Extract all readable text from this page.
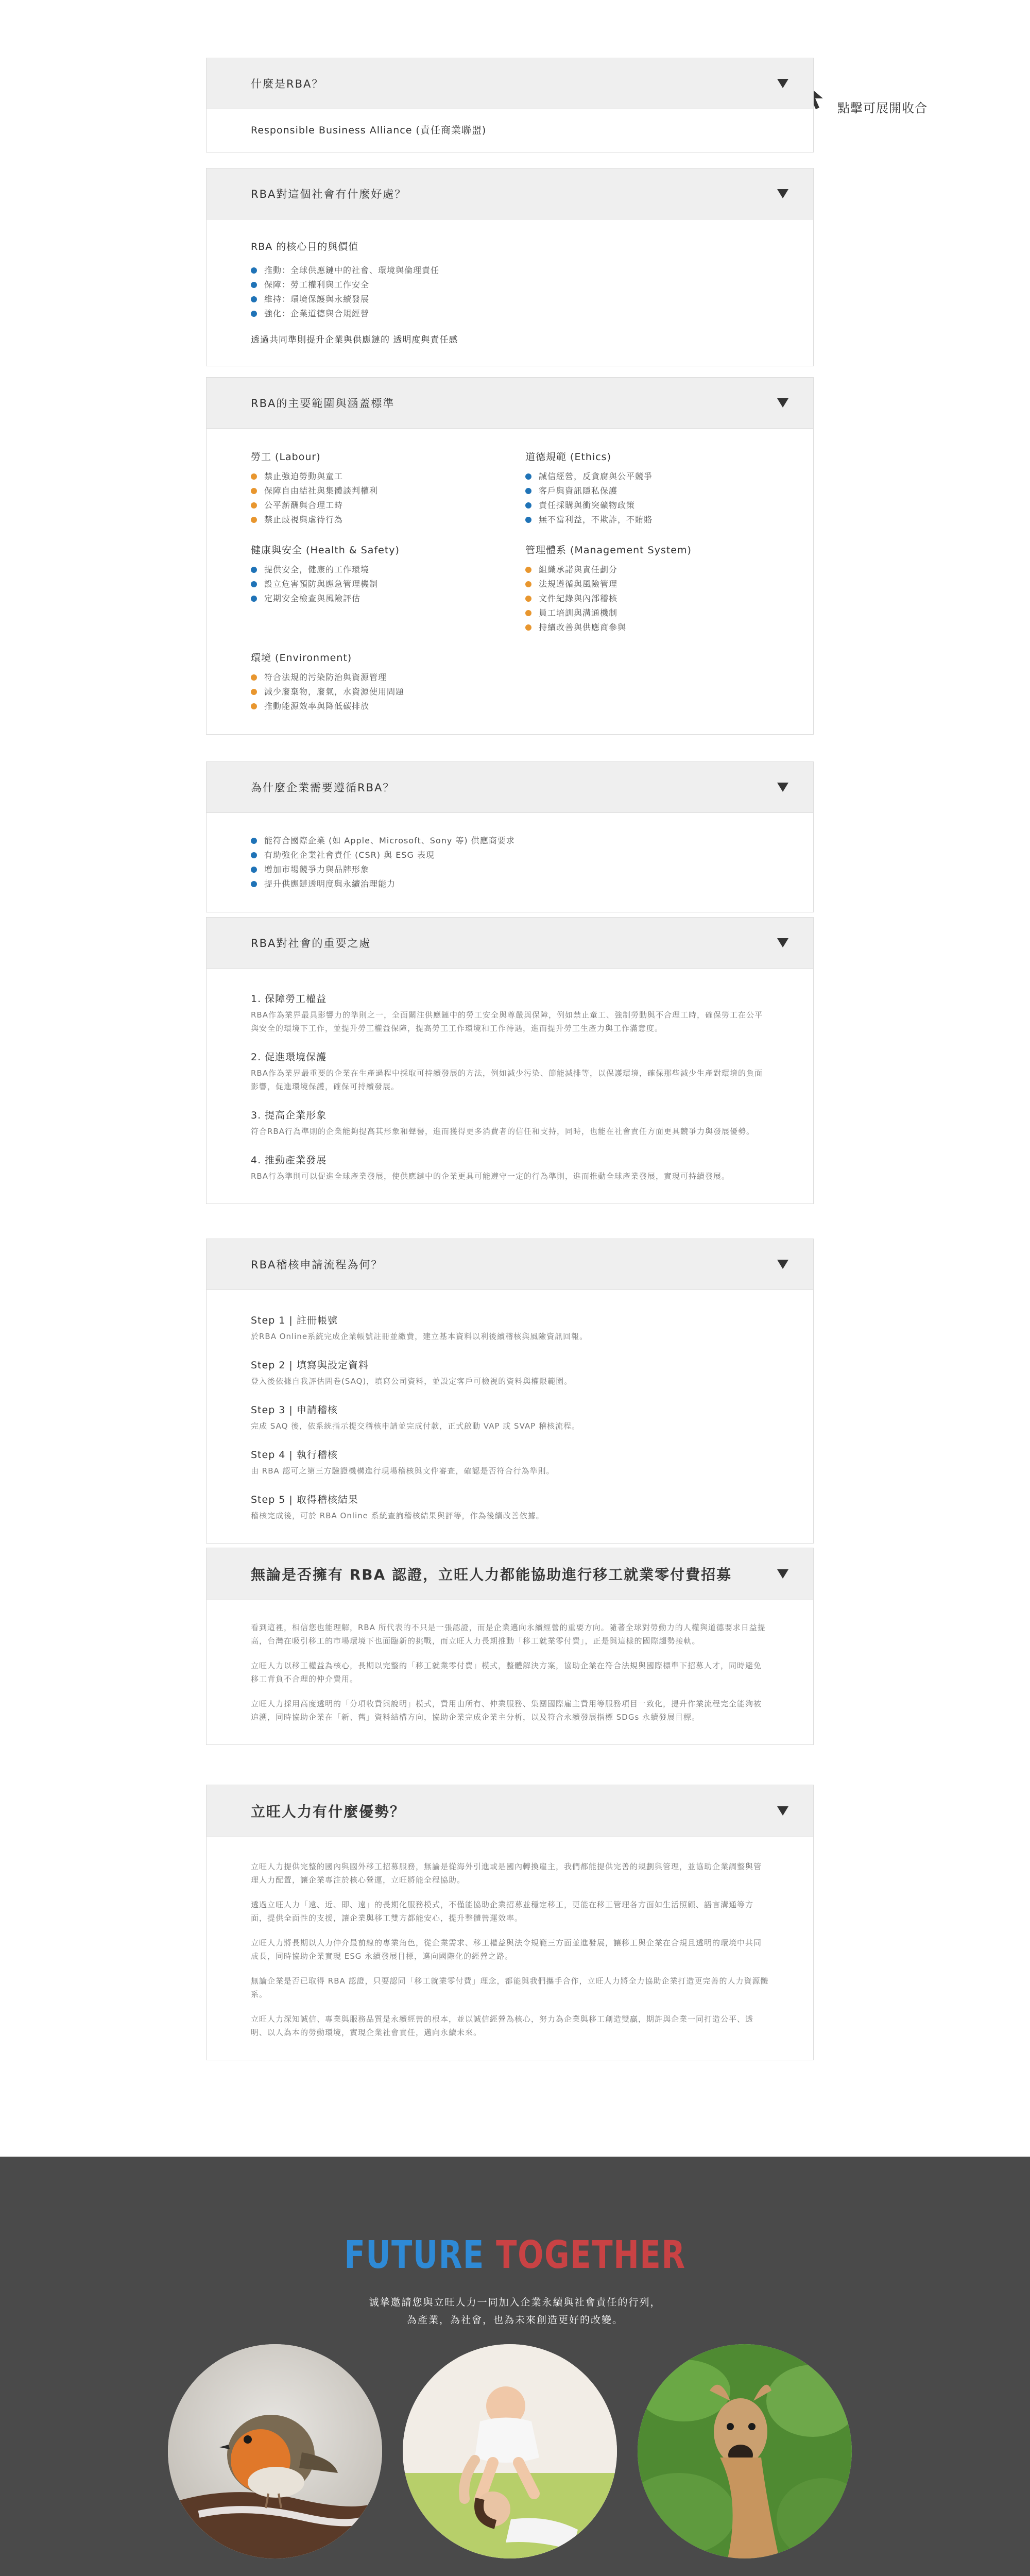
點擊可展開收合
什麼是RBA？
Responsible Business Alliance (責任商業聯盟)
RBA對這個社會有什麼好處？
RBA 的核心目的與價值
推動：全球供應鏈中的社會、環境與倫理責任
保障：勞工權利與工作安全
維持：環境保護與永續發展
強化：企業道德與合規經營
透過共同準則提升企業與供應鏈的 透明度與責任感
RBA的主要範圍與涵蓋標準
勞工 (Labour)
禁止強迫勞動與童工
保障自由結社與集體談判權利
公平薪酬與合理工時
禁止歧視與虐待行為
道德規範 (Ethics)
誠信經營，反貪腐與公平競爭
客戶與資訊隱私保護
責任採購與衝突礦物政策
無不當利益，不欺詐，不賄賂
健康與安全 (Health & Safety)
提供安全，健康的工作環境
設立危害預防與應急管理機制
定期安全檢查與風險評估
管理體系 (Management System)
組織承諾與責任劃分
法規遵循與風險管理
文件紀錄與內部稽核
員工培訓與溝通機制
持續改善與供應商參與
環境 (Environment)
符合法規的污染防治與資源管理
減少廢棄物，廢氣，水資源使用問題
推動能源效率與降低碳排放
為什麼企業需要遵循RBA？
能符合國際企業 (如 Apple、Microsoft、Sony 等) 供應商要求
有助強化企業社會責任 (CSR) 與 ESG 表現
增加市場競爭力與品牌形象
提升供應鏈透明度與永續治理能力
RBA對社會的重要之處
1. 保障勞工權益
RBA作為業界最具影響力的準則之一，全面關注供應鏈中的勞工安全與尊嚴與保障，例如禁止童工、強制勞動與不合理工時，確保勞工在公平與安全的環境下工作，並提升勞工權益保障，提高勞工工作環境和工作待遇，進而提升勞工生產力與工作滿意度。
2. 促進環境保護
RBA作為業界最重要的企業在生產過程中採取可持續發展的方法，例如減少污染、節能減排等，以保護環境，確保那些減少生產對環境的負面影響，促進環境保護，確保可持續發展。
3. 提高企業形象
符合RBA行為準則的企業能夠提高其形象和聲譽，進而獲得更多消費者的信任和支持，同時，也能在社會責任方面更具競爭力與發展優勢。
4. 推動產業發展
RBA行為準則可以促進全球產業發展，使供應鏈中的企業更具可能遵守一定的行為準則，進而推動全球產業發展，實現可持續發展。
RBA稽核申請流程為何？
Step 1 | 註冊帳號
於RBA Online系統完成企業帳號註冊並繳費，建立基本資料以利後續稽核與風險資訊回報。
Step 2 | 填寫與設定資料
登入後依據自我評估問卷(SAQ)，填寫公司資料，並設定客戶可檢視的資料與權限範圍。
Step 3 | 申請稽核
完成 SAQ 後，依系統指示提交稽核申請並完成付款，正式啟動 VAP 或 SVAP 稽核流程。
Step 4 | 執行稽核
由 RBA 認可之第三方驗證機構進行現場稽核與文件審查，確認是否符合行為準則。
Step 5 | 取得稽核結果
稽核完成後，可於 RBA Online 系統查詢稽核結果與評等，作為後續改善依據。
無論是否擁有 RBA 認證，立旺人力都能協助進行移工就業零付費招募

看到這裡，相信您也能理解，RBA 所代表的不只是一張認證，而是企業邁向永續經營的重要方向。隨著全球對勞動力的人權與道德要求日益提高，台灣在吸引移工的市場環境下也面臨新的挑戰，而立旺人力長期推動「移工就業零付費」，正是與這樣的國際趨勢接軌。

立旺人力以移工權益為核心，長期以完整的「移工就業零付費」模式，整體解決方案，協助企業在符合法規與國際標準下招募人才，同時避免移工背負不合理的仲介費用。

立旺人力採用高度透明的「分項收費與說明」模式，費用由所有、仲業服務、集團國際雇主費用等服務項目一致化，提升作業流程完全能夠被追溯，同時協助企業在「新、舊」資料結構方向，協助企業完成企業主分析，以及符合永續發展指標 SDGs 永續發展目標。

立旺人力有什麼優勢？

立旺人力提供完整的國內與國外移工招募服務，無論是從海外引進或是國內轉換雇主，我們都能提供完善的規劃與管理，並協助企業調整與管理人力配置，讓企業專注於核心營運，立旺將能全程協助。

透過立旺人力「遠、近、即、遠」的長期化服務模式，不僅能協助企業招募並穩定移工，更能在移工管理各方面如生活照顧、語言溝通等方面，提供全面性的支援，讓企業與移工雙方都能安心，提升整體營運效率。

立旺人力將長期以人力仲介最前線的專業角色，從企業需求、移工權益與法令規範三方面並進發展，讓移工與企業在合規且透明的環境中共同成長，同時協助企業實現 ESG 永續發展目標，邁向國際化的經營之路。

無論企業是否已取得 RBA 認證，只要認同「移工就業零付費」理念，都能與我們攜手合作，立旺人力將全力協助企業打造更完善的人力資源體系。

立旺人力深知誠信、專業與服務品質是永續經營的根本，並以誠信經營為核心，努力為企業與移工創造雙贏，期許與企業一同打造公平、透明、以人為本的勞動環境，實現企業社會責任，邁向永續未來。

FUTURE TOGETHER
誠摯邀請您與立旺人力一同加入企業永續與社會責任的行列，
為產業，為社會，也為未來創造更好的改變。
